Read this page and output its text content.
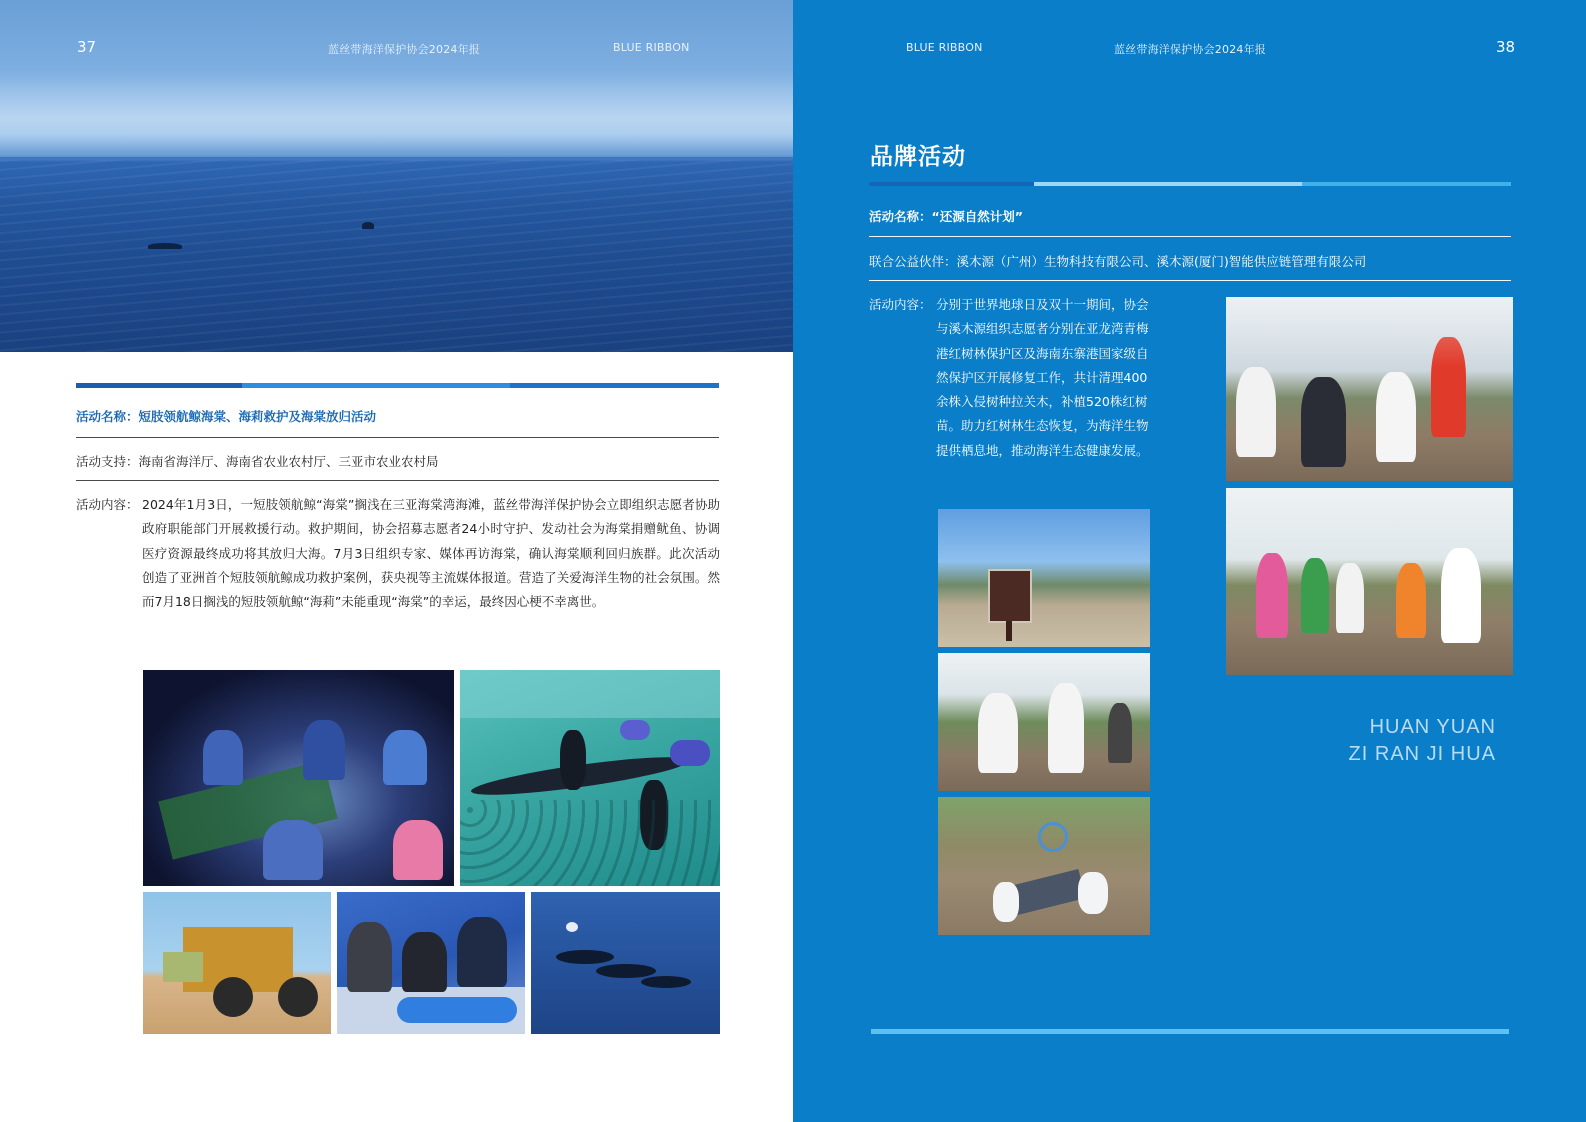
37	蓝丝带海洋保护协会2024年报	BLUE RIBBON
活动名称：短肢领航鲸海棠、海莉救护及海棠放归活动
活动支持：海南省海洋厅、海南省农业农村厅、三亚市农业农村局
活动内容： 2024年1月3日，一短肢领航鲸“海棠”搁浅在三亚海棠湾海滩，蓝丝带海洋保护协会立即组织志愿者协助政府职能部门开展救援行动。救护期间，协会招募志愿者24小时守护、发动社会为海棠捐赠鱿鱼、协调医疗资源最终成功将其放归大海。7月3日组织专家、媒体再访海棠，确认海棠顺利回归族群。此次活动创造了亚洲首个短肢领航鲸成功救护案例，获央视等主流媒体报道。营造了关爱海洋生物的社会氛围。然而7月18日搁浅的短肢领航鲸“海莉”未能重现“海棠”的幸运，最终因心梗不幸离世。
BLUE RIBBON	蓝丝带海洋保护协会2024年报	38
品牌活动
活动名称：“还源自然计划”
联合公益伙伴：溪木源（广州）生物科技有限公司、溪木源(厦门)智能供应链管理有限公司
活动内容： 分别于世界地球日及双十一期间，协会与溪木源组织志愿者分别在亚龙湾青梅港红树林保护区及海南东寨港国家级自然保护区开展修复工作，共计清理400余株入侵树种拉关木，补植520株红树苗。助力红树林生态恢复，为海洋生物提供栖息地，推动海洋生态健康发展。
HUAN YUAN
ZI RAN JI HUA
